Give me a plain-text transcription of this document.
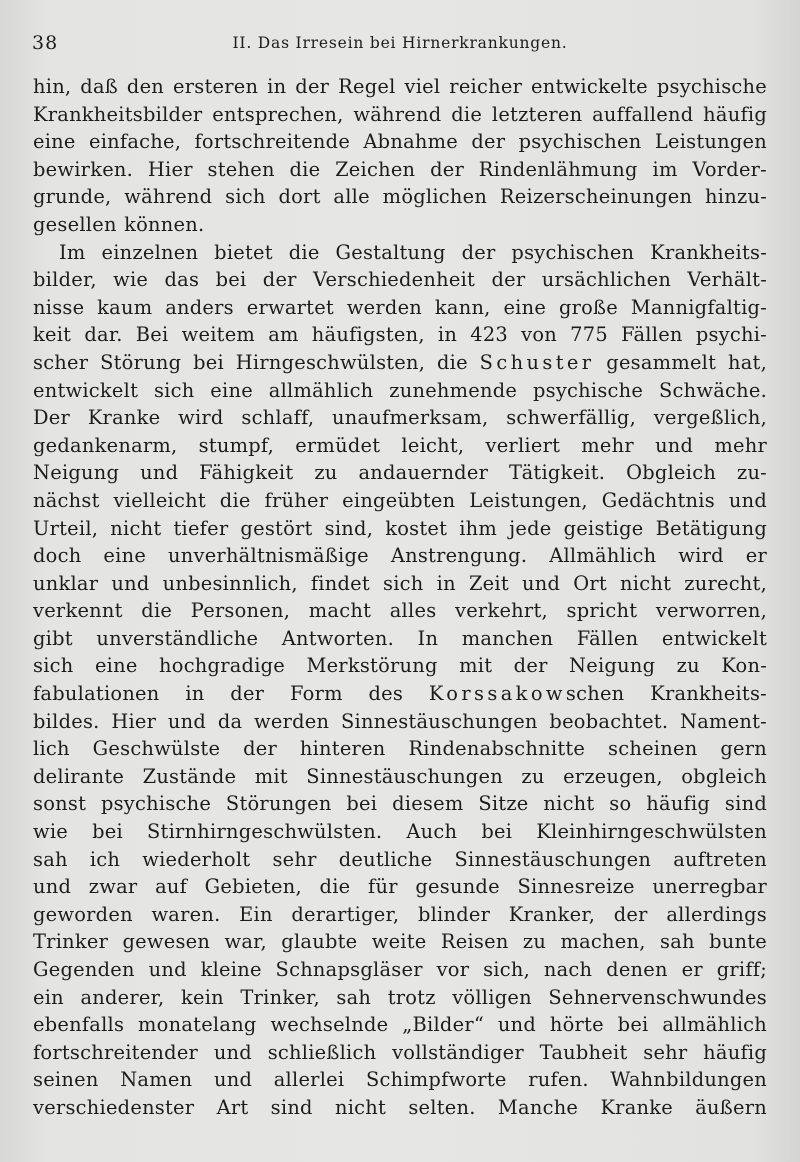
38	II. Das Irresein bei Hirnerkrankungen.
hin, daß den ersteren in der Regel viel reicher entwickelte psychische
Krankheitsbilder entsprechen, während die letzteren auffallend häufig
eine einfache, fortschreitende Abnahme der psychischen Leistungen
bewirken. Hier stehen die Zeichen der Rindenlähmung im Vorder-
grunde, während sich dort alle möglichen Reizerscheinungen hinzu-
gesellen können.
Im einzelnen bietet die Gestaltung der psychischen Krankheits-
bilder, wie das bei der Verschiedenheit der ursächlichen Verhält-
nisse kaum anders erwartet werden kann, eine große Mannigfaltig-
keit dar. Bei weitem am häufigsten, in 423 von 775 Fällen psychi-
scher Störung bei Hirngeschwülsten, die Schuster gesammelt hat,
entwickelt sich eine allmählich zunehmende psychische Schwäche.
Der Kranke wird schlaff, unaufmerksam, schwerfällig, vergeßlich,
gedankenarm, stumpf, ermüdet leicht, verliert mehr und mehr
Neigung und Fähigkeit zu andauernder Tätigkeit. Obgleich zu-
nächst vielleicht die früher eingeübten Leistungen, Gedächtnis und
Urteil, nicht tiefer gestört sind, kostet ihm jede geistige Betätigung
doch eine unverhältnismäßige Anstrengung. Allmählich wird er
unklar und unbesinnlich, findet sich in Zeit und Ort nicht zurecht,
verkennt die Personen, macht alles verkehrt, spricht verworren,
gibt unverständliche Antworten. In manchen Fällen entwickelt
sich eine hochgradige Merkstörung mit der Neigung zu Kon-
fabulationen in der Form des Korssakowschen Krankheits-
bildes. Hier und da werden Sinnestäuschungen beobachtet. Nament-
lich Geschwülste der hinteren Rindenabschnitte scheinen gern
delirante Zustände mit Sinnestäuschungen zu erzeugen, obgleich
sonst psychische Störungen bei diesem Sitze nicht so häufig sind
wie bei Stirnhirngeschwülsten. Auch bei Kleinhirngeschwülsten
sah ich wiederholt sehr deutliche Sinnestäuschungen auftreten
und zwar auf Gebieten, die für gesunde Sinnesreize unerregbar
geworden waren. Ein derartiger, blinder Kranker, der allerdings
Trinker gewesen war, glaubte weite Reisen zu machen, sah bunte
Gegenden und kleine Schnapsgläser vor sich, nach denen er griff;
ein anderer, kein Trinker, sah trotz völligen Sehnervenschwundes
ebenfalls monatelang wechselnde „Bilder“ und hörte bei allmählich
fortschreitender und schließlich vollständiger Taubheit sehr häufig
seinen Namen und allerlei Schimpfworte rufen. Wahnbildungen
verschiedenster Art sind nicht selten. Manche Kranke äußern
